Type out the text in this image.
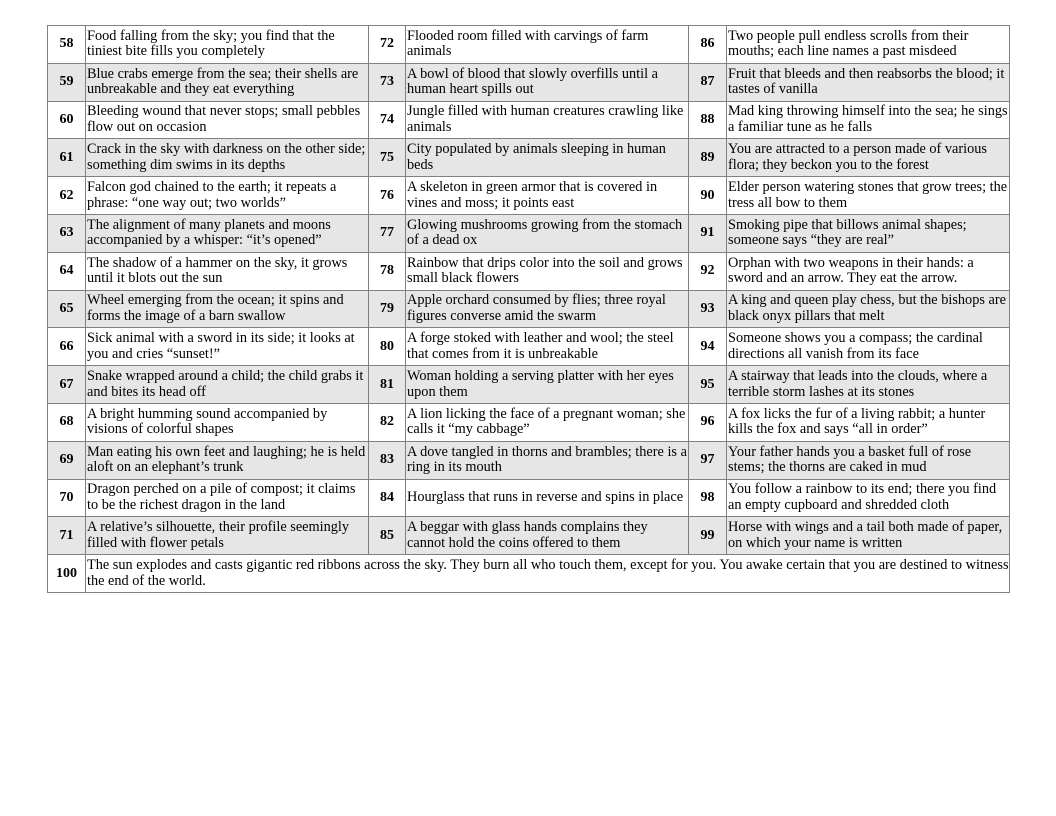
58	Food falling from the sky; you find that the tiniest bite fills you completely	72	Flooded room filled with carvings of farm animals	86	Two people pull endless scrolls from their mouths; each line names a past misdeed
59	Blue crabs emerge from the sea; their shells are unbreakable and they eat everything	73	A bowl of blood that slowly overfills until a human heart spills out	87	Fruit that bleeds and then reabsorbs the blood; it tastes of vanilla
60	Bleeding wound that never stops; small pebbles flow out on occasion	74	Jungle filled with human creatures crawling like animals	88	Mad king throwing himself into the sea; he sings a familiar tune as he falls
61	Crack in the sky with darkness on the other side; something dim swims in its depths	75	City populated by animals sleeping in human beds	89	You are attracted to a person made of various flora; they beckon you to the forest
62	Falcon god chained to the earth; it repeats a phrase: “one way out; two worlds”	76	A skeleton in green armor that is covered in vines and moss; it points east	90	Elder person watering stones that grow trees; the tress all bow to them
63	The alignment of many planets and moons accompanied by a whisper: “it’s opened”	77	Glowing mushrooms growing from the stomach of a dead ox	91	Smoking pipe that billows animal shapes; someone says “they are real”
64	The shadow of a hammer on the sky, it grows until it blots out the sun	78	Rainbow that drips color into the soil and grows small black flowers	92	Orphan with two weapons in their hands: a sword and an arrow. They eat the arrow.
65	Wheel emerging from the ocean; it spins and forms the image of a barn swallow	79	Apple orchard consumed by flies; three royal figures converse amid the swarm	93	A king and queen play chess, but the bishops are black onyx pillars that melt
66	Sick animal with a sword in its side; it looks at you and cries “sunset!”	80	A forge stoked with leather and wool; the steel that comes from it is unbreakable	94	Someone shows you a compass; the cardinal directions all vanish from its face
67	Snake wrapped around a child; the child grabs it and bites its head off	81	Woman holding a serving platter with her eyes upon them	95	A stairway that leads into the clouds, where a terrible storm lashes at its stones
68	A bright humming sound accompanied by visions of colorful shapes	82	A lion licking the face of a pregnant woman; she calls it “my cabbage”	96	A fox licks the fur of a living rabbit; a hunter kills the fox and says “all in order”
69	Man eating his own feet and laughing; he is held aloft on an elephant’s trunk	83	A dove tangled in thorns and brambles; there is a ring in its mouth	97	Your father hands you a basket full of rose stems; the thorns are caked in mud
70	Dragon perched on a pile of compost; it claims to be the richest dragon in the land	84	Hourglass that runs in reverse and spins in place	98	You follow a rainbow to its end; there you find an empty cupboard and shredded cloth
71	A relative’s silhouette, their profile seemingly filled with flower petals	85	A beggar with glass hands complains they cannot hold the coins offered to them	99	Horse with wings and a tail both made of paper, on which your name is written
100	The sun explodes and casts gigantic red ribbons across the sky. They burn all who touch them, except for you. You awake certain that you are destined to witness the end of the world.				
